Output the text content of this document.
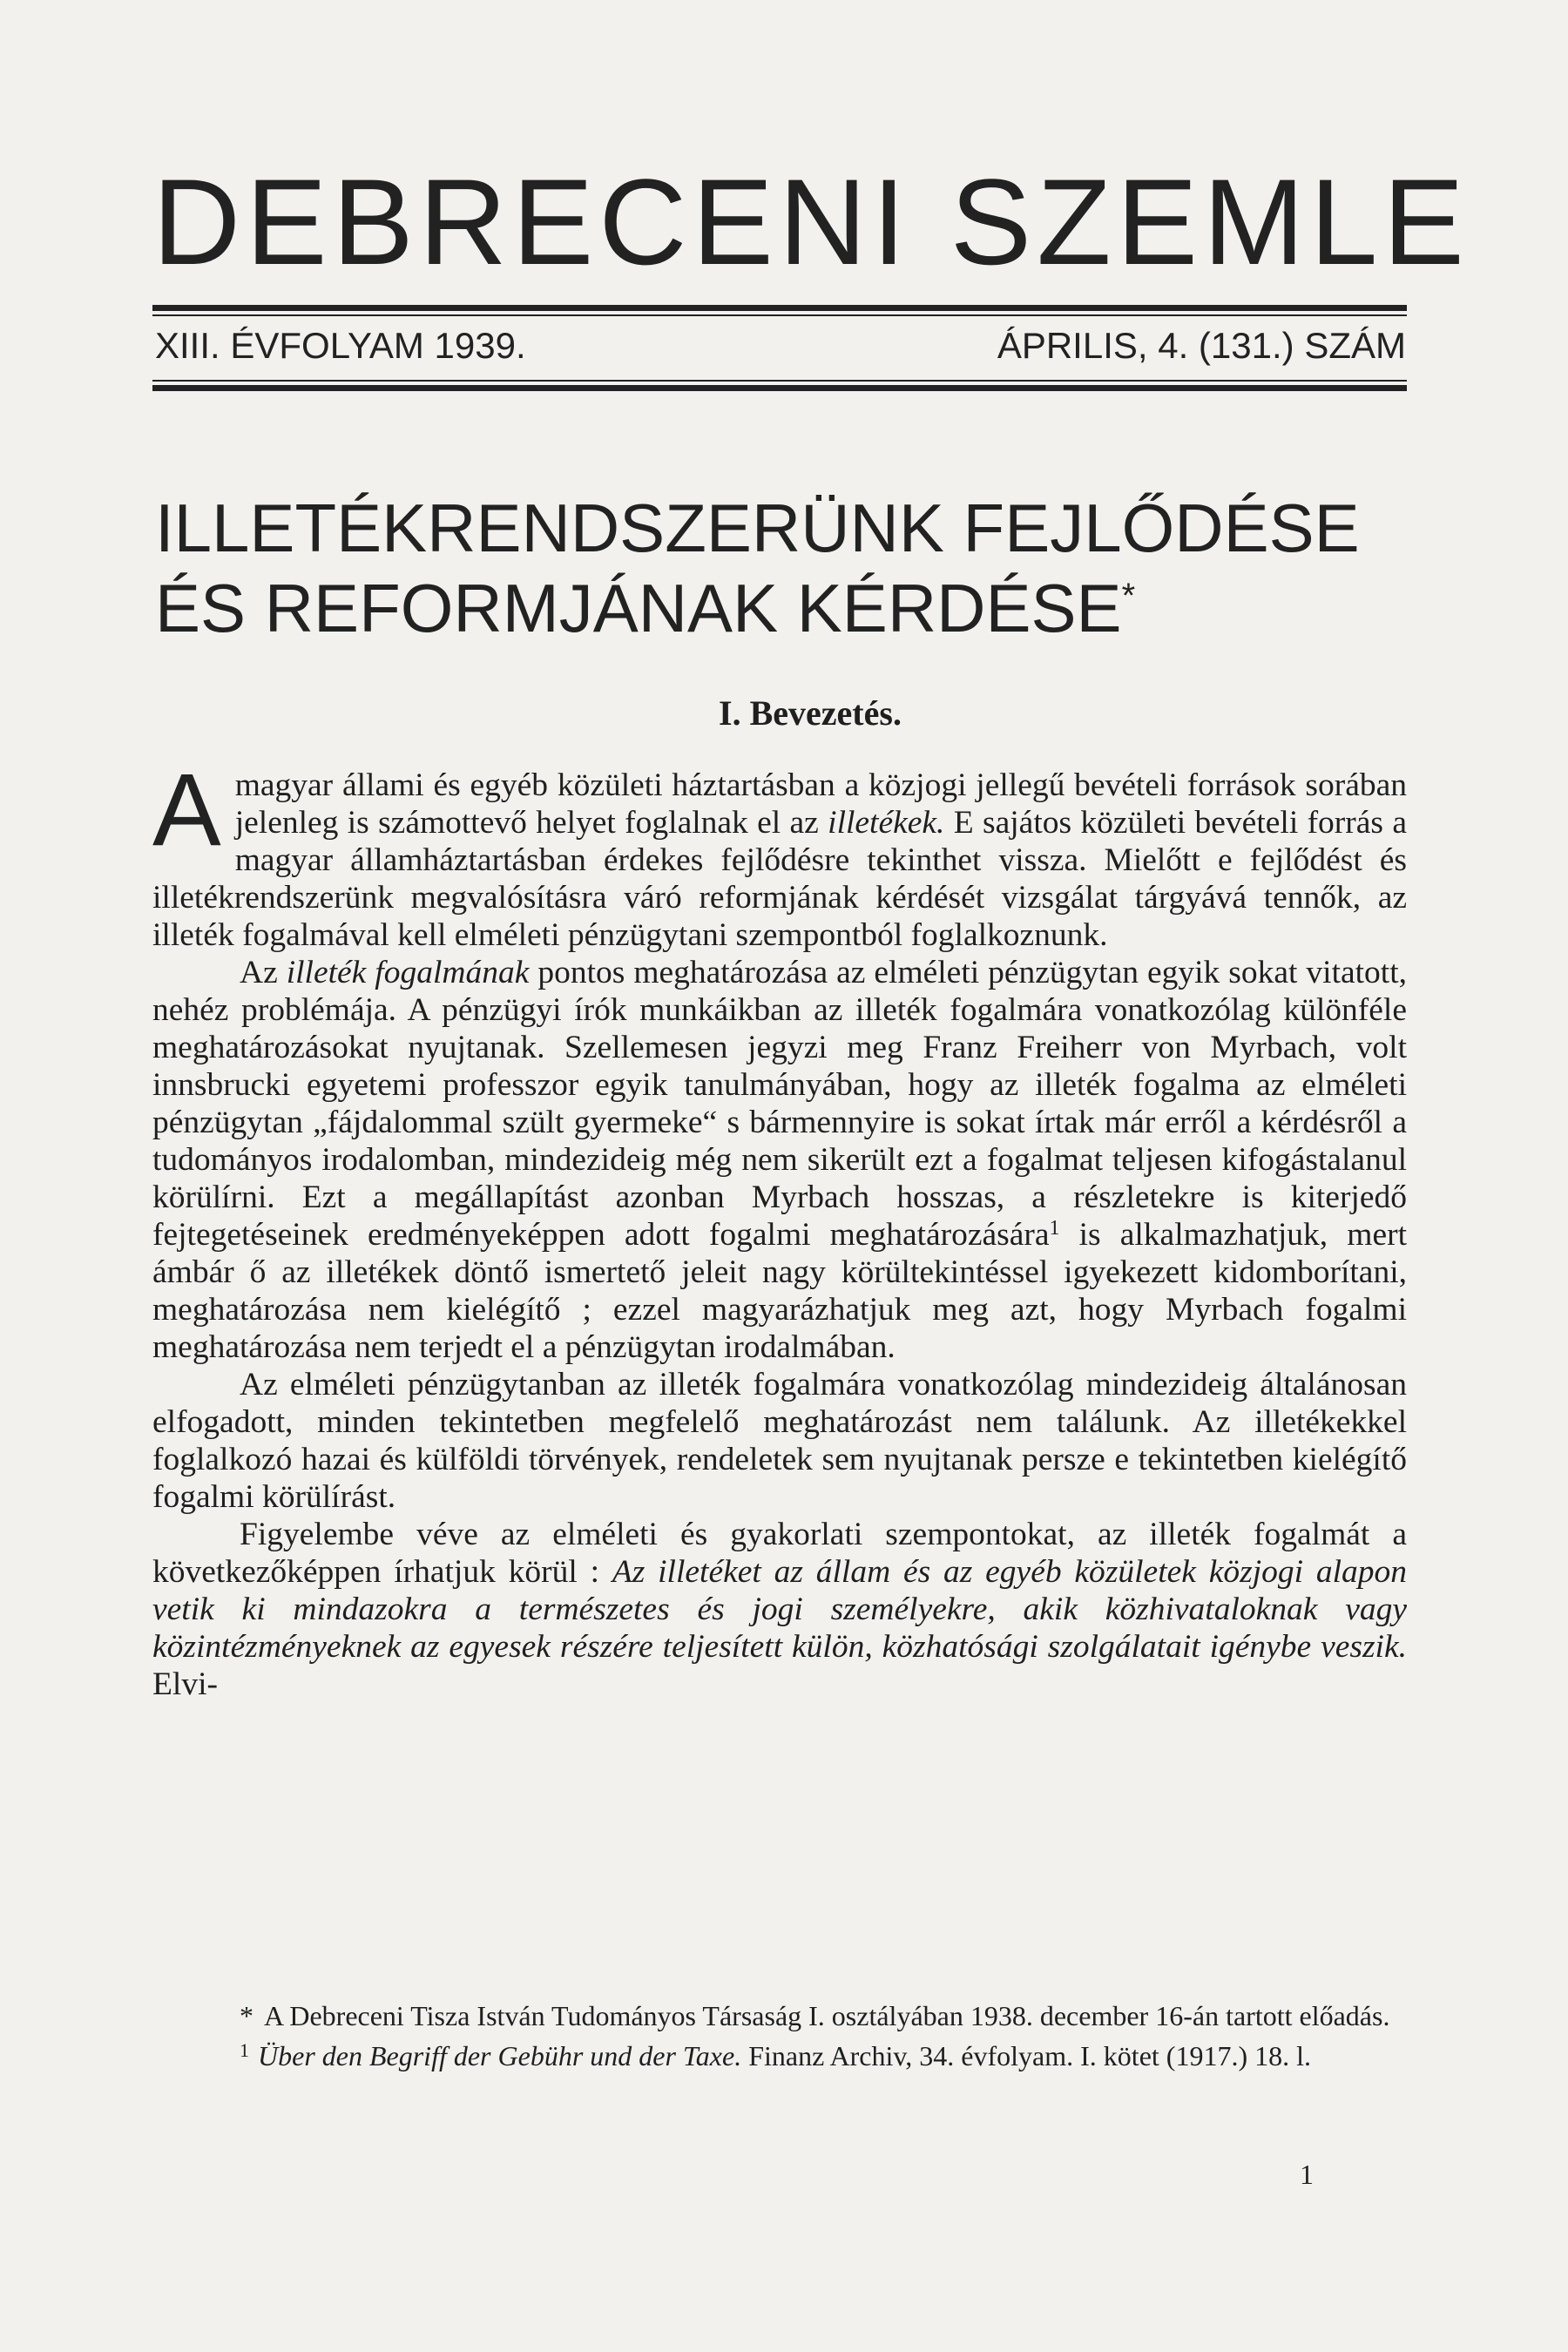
DEBRECENI SZEMLE
XIII. ÉVFOLYAM 1939.	ÁPRILIS, 4. (131.) SZÁM
ILLETÉKRENDSZERÜNK FEJLŐDÉSE
ÉS REFORMJÁNAK KÉRDÉSE*
I. Bevezetés.

Amagyar állami és egyéb közületi háztartásban a közjogi jellegű bevételi források sorában jelenleg is számottevő helyet foglalnak el az illetékek. E sajátos közületi bevételi forrás a magyar államháztartásban érdekes fejlődésre tekinthet vissza. Mielőtt e fejlődést és illetékrendszerünk megvalósításra váró reformjának kérdését vizsgálat tárgyává tennők, az illeték fogalmával kell elméleti pénzügytani szempontból foglalkoznunk.

Az illeték fogalmának pontos meghatározása az elméleti pénzügytan egyik sokat vitatott, nehéz problémája. A pénzügyi írók munkáikban az illeték fogalmára vonatkozólag különféle meghatározásokat nyujtanak. Szellemesen jegyzi meg Franz Freiherr von Myrbach, volt innsbrucki egyetemi professzor egyik tanulmányában, hogy az illeték fogalma az elméleti pénzügytan „fájdalommal szült gyermeke“ s bármennyire is sokat írtak már erről a kérdésről a tudományos irodalomban, mindezideig még nem sikerült ezt a fogalmat teljesen kifogástalanul körülírni. Ezt a megállapítást azonban Myrbach hosszas, a részletekre is kiterjedő fejtegetéseinek eredményeképpen adott fogalmi meghatározására$^1$ is alkalmazhatjuk, mert ámbár ő az illetékek döntő ismertető jeleit nagy körültekintéssel igyekezett kidomborítani, meghatározása nem kielégítő ; ezzel magyarázhatjuk meg azt, hogy Myrbach fogalmi meghatározása nem terjedt el a pénzügytan irodalmában.

Az elméleti pénzügytanban az illeték fogalmára vonatkozólag mindezideig általánosan elfogadott, minden tekintetben megfelelő meghatározást nem találunk. Az illetékekkel foglalkozó hazai és külföldi törvények, rendeletek sem nyujtanak persze e tekintetben kielégítő fogalmi körülírást.

Figyelembe véve az elméleti és gyakorlati szempontokat, az illeték fogalmát a következőképpen írhatjuk körül : Az illetéket az állam és az egyéb közületek közjogi alapon vetik ki mindazokra a természetes és jogi személyekre, akik közhivataloknak vagy közintézményeknek az egyesek részére teljesített külön, közhatósági szolgálatait igénybe veszik. Elvi-

* A Debreceni Tisza István Tudományos Társaság I. osztályában 1938. december 16-án tartott előadás.

$^1$ Über den Begriff der Gebühr und der Taxe. Finanz Archiv, 34. évfolyam. I. kötet (1917.) 18. l.

1
